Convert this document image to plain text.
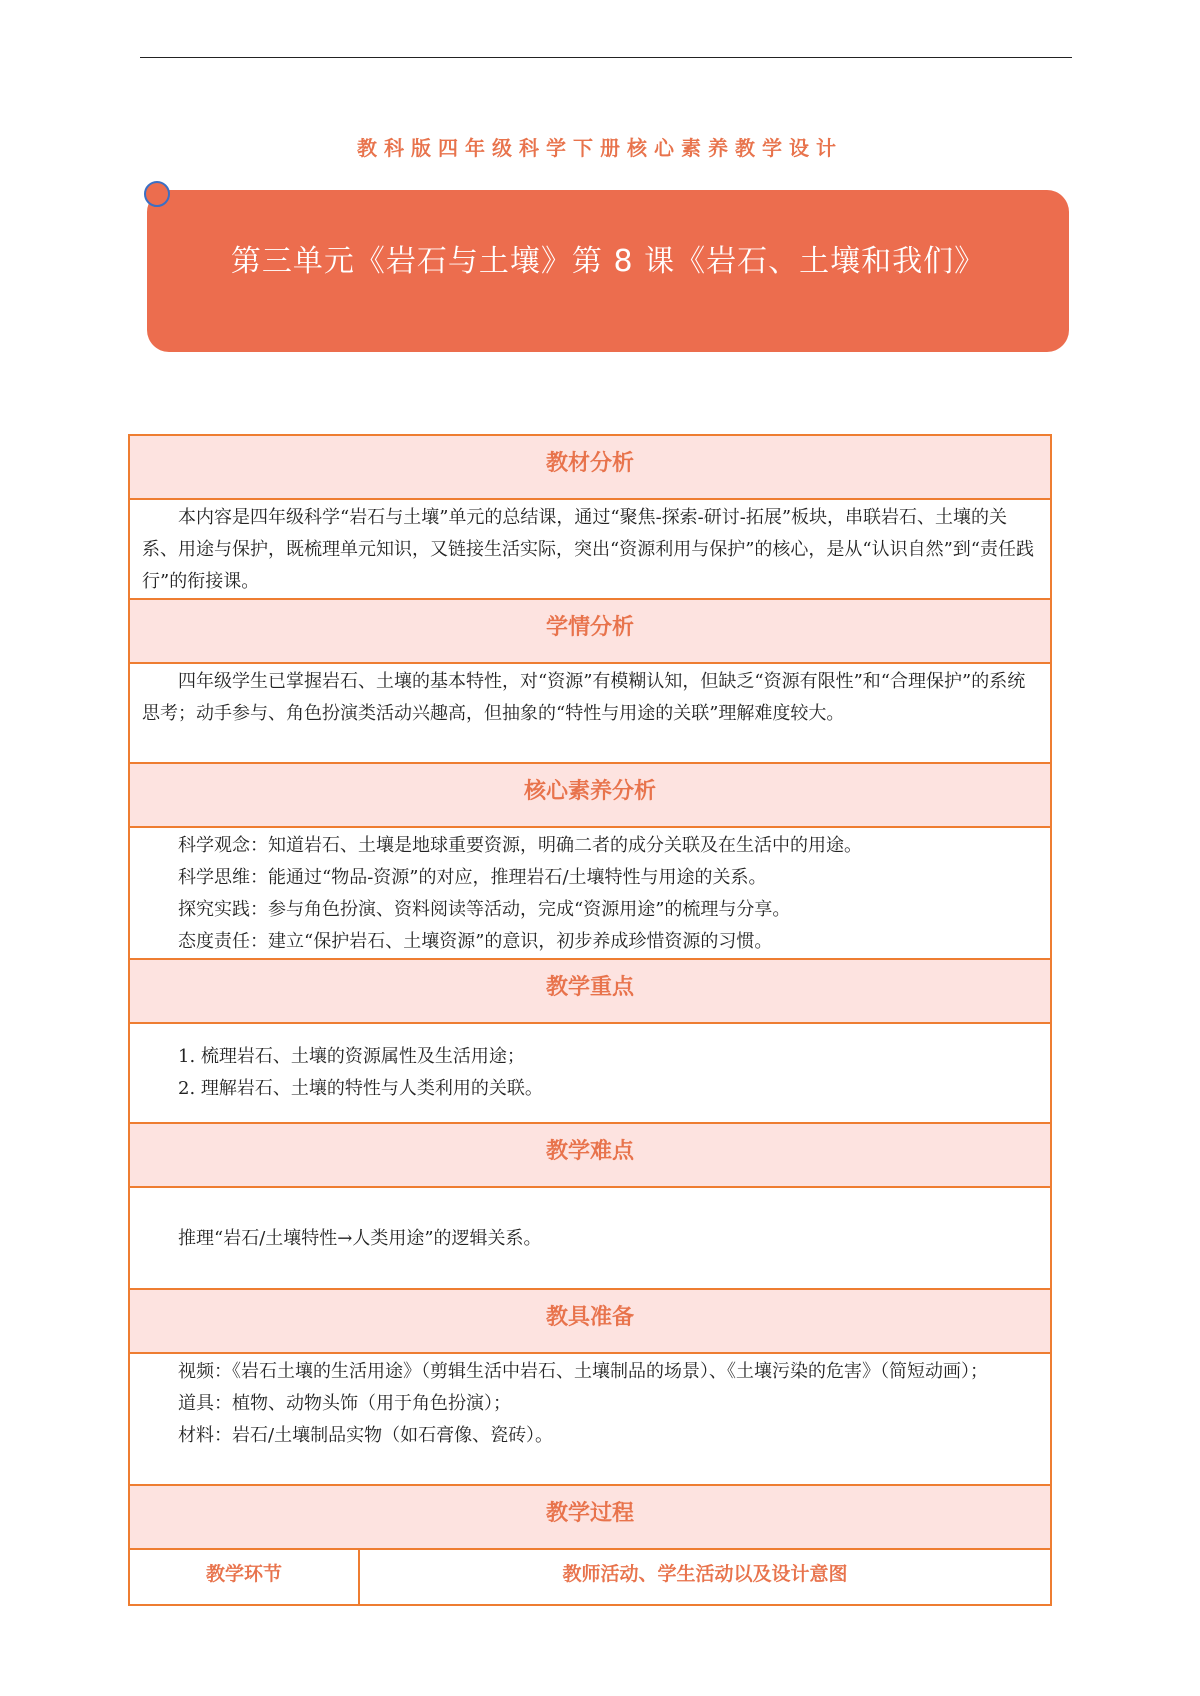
教科版四年级科学下册核心素养教学设计
第三单元《岩石与土壤》第 8 课《岩石、土壤和我们》
教材分析

本内容是四年级科学“岩石与土壤”单元的总结课，通过“聚焦-探索-研讨-拓展”板块，串联岩石、土壤的关系、用途与保护，既梳理单元知识，又链接生活实际，突出“资源利用与保护”的核心，是从“认识自然”到“责任践行”的衔接课。

学情分析

四年级学生已掌握岩石、土壤的基本特性，对“资源”有模糊认知，但缺乏“资源有限性”和“合理保护”的系统思考；动手参与、角色扮演类活动兴趣高，但抽象的“特性与用途的关联”理解难度较大。

核心素养分析

科学观念：知道岩石、土壤是地球重要资源，明确二者的成分关联及在生活中的用途。

科学思维：能通过“物品-资源”的对应，推理岩石/土壤特性与用途的关系。

探究实践：参与角色扮演、资料阅读等活动，完成“资源用途”的梳理与分享。

态度责任：建立“保护岩石、土壤资源”的意识，初步养成珍惜资源的习惯。

教学重点

1. 梳理岩石、土壤的资源属性及生活用途；

2. 理解岩石、土壤的特性与人类利用的关联。

教学难点

推理“岩石/土壤特性→人类用途”的逻辑关系。

教具准备

视频：《岩石土壤的生活用途》（剪辑生活中岩石、土壤制品的场景）、《土壤污染的危害》（简短动画）；

道具：植物、动物头饰（用于角色扮演）；

材料：岩石/土壤制品实物（如石膏像、瓷砖）。

教学过程
教学环节	教师活动、学生活动以及设计意图
